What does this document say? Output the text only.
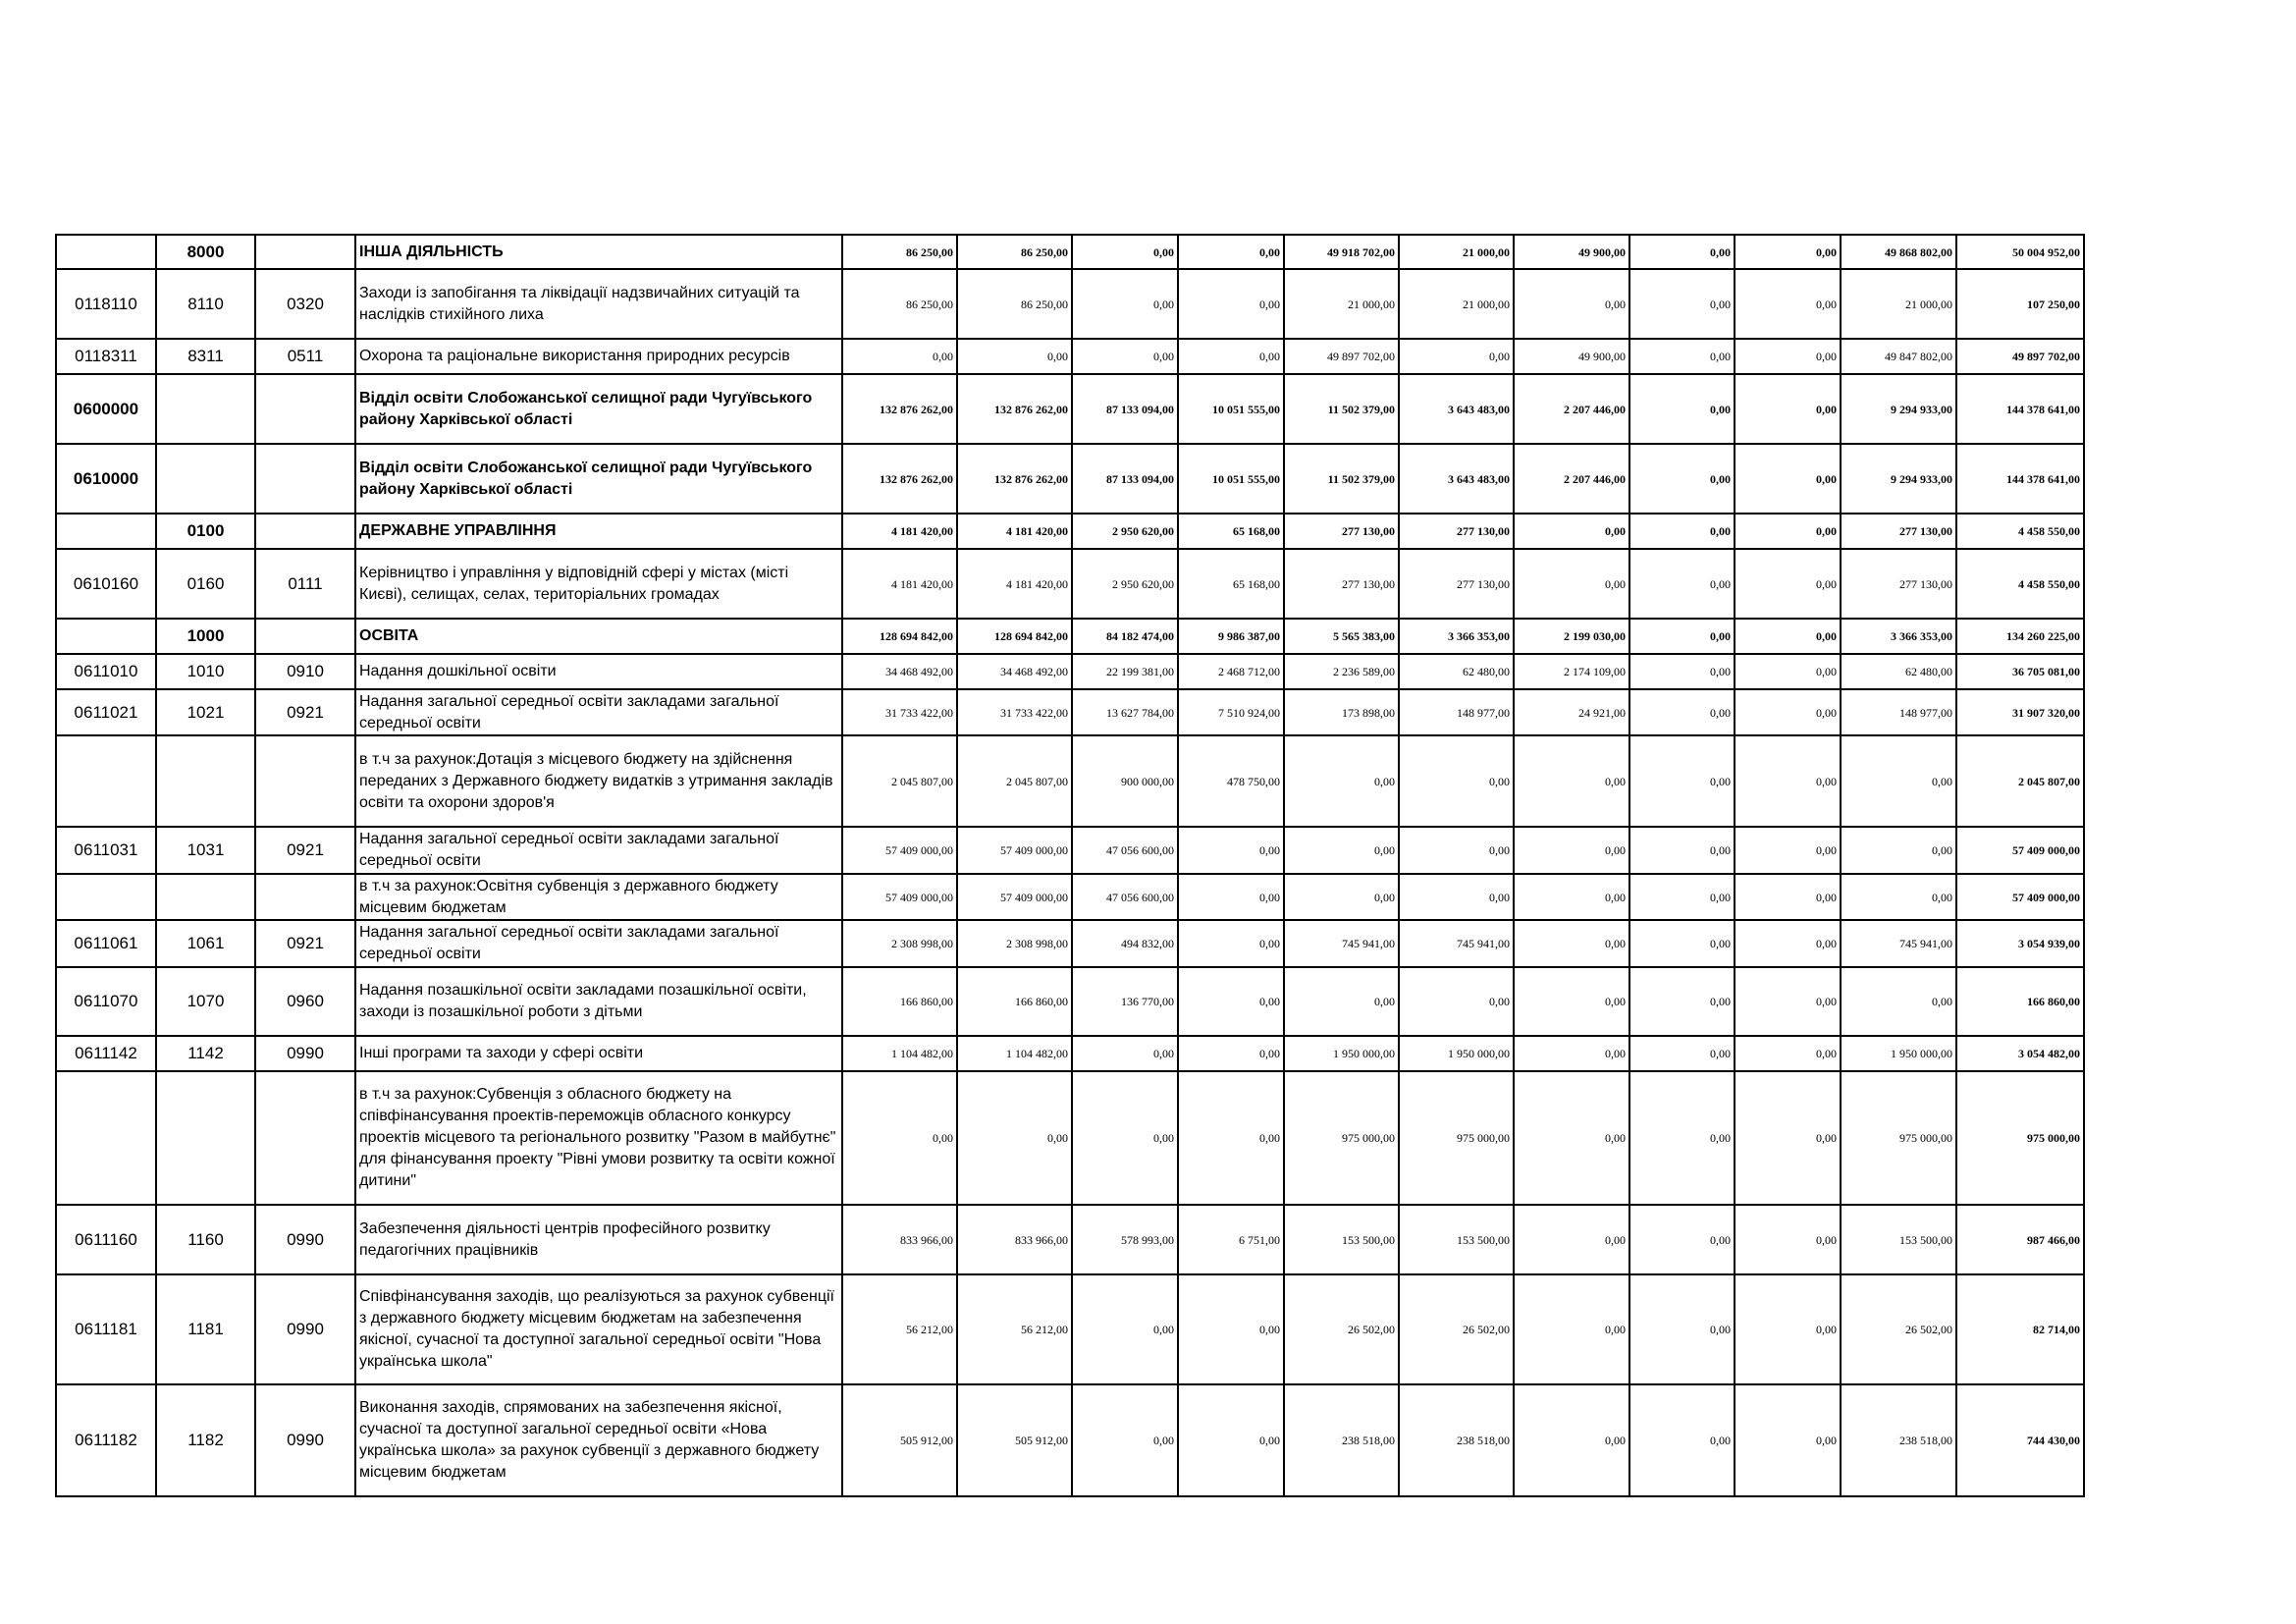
	8000		ІНША ДІЯЛЬНІСТЬ	86 250,00	86 250,00	0,00	0,00	49 918 702,00	21 000,00	49 900,00	0,00	0,00	49 868 802,00	50 004 952,00
0118110	8110	0320	Заходи із запобігання та ліквідації надзвичайних ситуацій та наслідків стихійного лиха	86 250,00	86 250,00	0,00	0,00	21 000,00	21 000,00	0,00	0,00	0,00	21 000,00	107 250,00
0118311	8311	0511	Охорона та раціональне використання природних ресурсів	0,00	0,00	0,00	0,00	49 897 702,00	0,00	49 900,00	0,00	0,00	49 847 802,00	49 897 702,00
0600000			Відділ освіти Слобожанської селищної ради Чугуївського району Харківської області	132 876 262,00	132 876 262,00	87 133 094,00	10 051 555,00	11 502 379,00	3 643 483,00	2 207 446,00	0,00	0,00	9 294 933,00	144 378 641,00
0610000			Відділ освіти Слобожанської селищної ради Чугуївського району Харківської області	132 876 262,00	132 876 262,00	87 133 094,00	10 051 555,00	11 502 379,00	3 643 483,00	2 207 446,00	0,00	0,00	9 294 933,00	144 378 641,00
	0100		ДЕРЖАВНЕ УПРАВЛІННЯ	4 181 420,00	4 181 420,00	2 950 620,00	65 168,00	277 130,00	277 130,00	0,00	0,00	0,00	277 130,00	4 458 550,00
0610160	0160	0111	Керівництво і управління у відповідній сфері у містах (місті Києві), селищах, селах, територіальних громадах	4 181 420,00	4 181 420,00	2 950 620,00	65 168,00	277 130,00	277 130,00	0,00	0,00	0,00	277 130,00	4 458 550,00
	1000		ОСВІТА	128 694 842,00	128 694 842,00	84 182 474,00	9 986 387,00	5 565 383,00	3 366 353,00	2 199 030,00	0,00	0,00	3 366 353,00	134 260 225,00
0611010	1010	0910	Надання дошкільної освіти	34 468 492,00	34 468 492,00	22 199 381,00	2 468 712,00	2 236 589,00	62 480,00	2 174 109,00	0,00	0,00	62 480,00	36 705 081,00
0611021	1021	0921	Надання загальної середньої освіти закладами загальної середньої освіти	31 733 422,00	31 733 422,00	13 627 784,00	7 510 924,00	173 898,00	148 977,00	24 921,00	0,00	0,00	148 977,00	31 907 320,00
			в т.ч за рахунок:Дотація з місцевого бюджету на здійснення переданих з Державного бюджету видатків з утримання закладів освіти та охорони здоров'я	2 045 807,00	2 045 807,00	900 000,00	478 750,00	0,00	0,00	0,00	0,00	0,00	0,00	2 045 807,00
0611031	1031	0921	Надання загальної середньої освіти закладами загальної середньої освіти	57 409 000,00	57 409 000,00	47 056 600,00	0,00	0,00	0,00	0,00	0,00	0,00	0,00	57 409 000,00
			в т.ч за рахунок:Освітня субвенція з державного бюджету місцевим бюджетам	57 409 000,00	57 409 000,00	47 056 600,00	0,00	0,00	0,00	0,00	0,00	0,00	0,00	57 409 000,00
0611061	1061	0921	Надання загальної середньої освіти закладами загальної середньої освіти	2 308 998,00	2 308 998,00	494 832,00	0,00	745 941,00	745 941,00	0,00	0,00	0,00	745 941,00	3 054 939,00
0611070	1070	0960	Надання позашкільної освіти закладами позашкільної освіти, заходи із позашкільної роботи з дітьми	166 860,00	166 860,00	136 770,00	0,00	0,00	0,00	0,00	0,00	0,00	0,00	166 860,00
0611142	1142	0990	Інші програми та заходи у сфері освіти	1 104 482,00	1 104 482,00	0,00	0,00	1 950 000,00	1 950 000,00	0,00	0,00	0,00	1 950 000,00	3 054 482,00
			в т.ч за рахунок:Субвенція з обласного бюджету на співфінансування проектів-переможців обласного конкурсу проектів місцевого та регіонального розвитку "Разом в майбутнє" для фінансування проекту "Рівні умови розвитку та освіти кожної дитини"	0,00	0,00	0,00	0,00	975 000,00	975 000,00	0,00	0,00	0,00	975 000,00	975 000,00
0611160	1160	0990	Забезпечення діяльності центрів професійного розвитку педагогічних працівників	833 966,00	833 966,00	578 993,00	6 751,00	153 500,00	153 500,00	0,00	0,00	0,00	153 500,00	987 466,00
0611181	1181	0990	Співфінансування заходів, що реалізуються за рахунок субвенції з державного бюджету місцевим бюджетам на забезпечення якісної, сучасної та доступної загальної середньої освіти "Нова українська школа"	56 212,00	56 212,00	0,00	0,00	26 502,00	26 502,00	0,00	0,00	0,00	26 502,00	82 714,00
0611182	1182	0990	Виконання заходів, спрямованих на забезпечення якісної, сучасної та доступної загальної середньої освіти «Нова українська школа» за рахунок субвенції з державного бюджету місцевим бюджетам	505 912,00	505 912,00	0,00	0,00	238 518,00	238 518,00	0,00	0,00	0,00	238 518,00	744 430,00
